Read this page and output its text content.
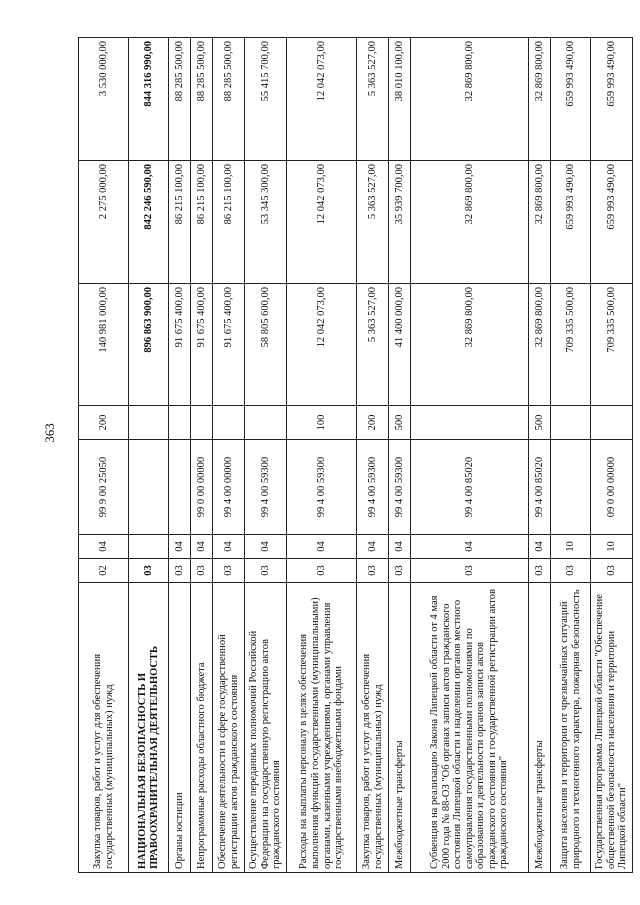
363
Закупка товаров, работ и услуг для обеспечения государственных (муниципальных) нужд	02	04	99 9 00 25050	200	140 981 000,00	2 275 000,00	3 530 000,00
НАЦИОНАЛЬНАЯ БЕЗОПАСНОСТЬ И ПРАВООХРАНИТЕЛЬНАЯ ДЕЯТЕЛЬНОСТЬ	03				896 863 900,00	842 246 590,00	844 316 990,00
Органы юстиции	03	04			91 675 400,00	86 215 100,00	88 285 500,00
Непрограммные расходы областного бюджета	03	04	99 0 00 00000		91 675 400,00	86 215 100,00	88 285 500,00
Обеспечение деятельности в сфере государственной регистрации актов гражданского состояния	03	04	99 4 00 00000		91 675 400,00	86 215 100,00	88 285 500,00
Осуществление переданных полномочий Российской Федерации на государственную регистрацию актов гражданского состояния	03	04	99 4 00 59300		58 805 600,00	53 345 300,00	55 415 700,00
Расходы на выплаты персоналу в целях обеспечения выполнения функций государственными (муниципальными) органами, казенными учреждениями, органами управления государственными внебюджетными фондами	03	04	99 4 00 59300	100	12 042 073,00	12 042 073,00	12 042 073,00
Закупка товаров, работ и услуг для обеспечения государственных (муниципальных) нужд	03	04	99 4 00 59300	200	5 363 527,00	5 363 527,00	5 363 527,00
Межбюджетные трансферты	03	04	99 4 00 59300	500	41 400 000,00	35 939 700,00	38 010 100,00
Субвенция на реализацию Закона Липецкой области от 4 мая 2000 года № 88-ОЗ "Об органах записи актов гражданского состояния Липецкой области и наделении органов местного самоуправления государственными полномочиями по образованию и деятельности органов записи актов гражданского состояния и государственной регистрации актов гражданского состояния"	03	04	99 4 00 85020		32 869 800,00	32 869 800,00	32 869 800,00
Межбюджетные трансферты	03	04	99 4 00 85020	500	32 869 800,00	32 869 800,00	32 869 800,00
Защита населения и территории от чрезвычайных ситуаций природного и техногенного характера, пожарная безопасность	03	10			709 335 500,00	659 993 490,00	659 993 490,00
Государственная программа Липецкой области "Обеспечение общественной безопасности населения и территории Липецкой области"	03	10	09 0 00 00000		709 335 500,00	659 993 490,00	659 993 490,00
